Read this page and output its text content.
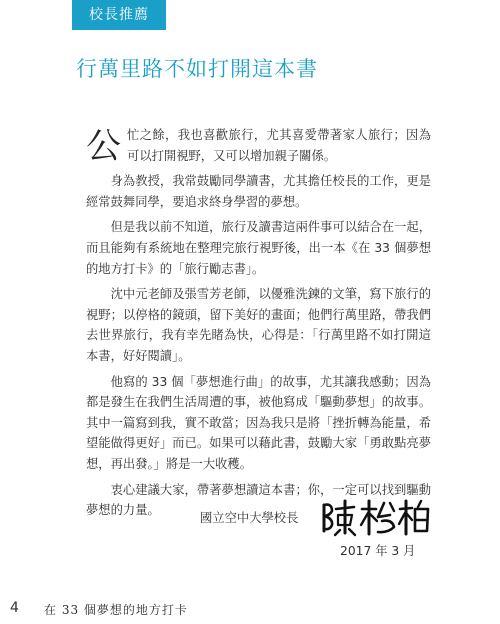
校長推薦
行萬里路不如打開這本書

公忙之餘，我也喜歡旅行，尤其喜愛帶著家人旅行；因為可以打開視野，又可以增加親子關係。

身為教授，我常鼓勵同學讀書，尤其擔任校長的工作，更是經常鼓舞同學，要追求終身學習的夢想。

但是我以前不知道，旅行及讀書這兩件事可以結合在一起，而且能夠有系統地在整理完旅行視野後，出一本《在 33 個夢想的地方打卡》的「旅行勵志書」。

沈中元老師及張雪芳老師，以優雅洗鍊的文筆，寫下旅行的視野；以停格的鏡頭，留下美好的畫面；他們行萬里路，帶我們去世界旅行，我有幸先睹為快，心得是：「行萬里路不如打開這本書，好好閱讀」。

他寫的 33 個「夢想進行曲」的故事，尤其讓我感動；因為都是發生在我們生活周遭的事，被他寫成「驅動夢想」的故事。其中一篇寫到我，實不敢當；因為我只是將「挫折轉為能量，希望能做得更好」而已。如果可以藉此書，鼓勵大家「勇敢點亮夢想，再出發。」將是一大收穫。

衷心建議大家，帶著夢想讀這本書；你，一定可以找到驅動夢想的力量。

國立空中大學校長
2017 年 3 月
4 在 33 個夢想的地方打卡
